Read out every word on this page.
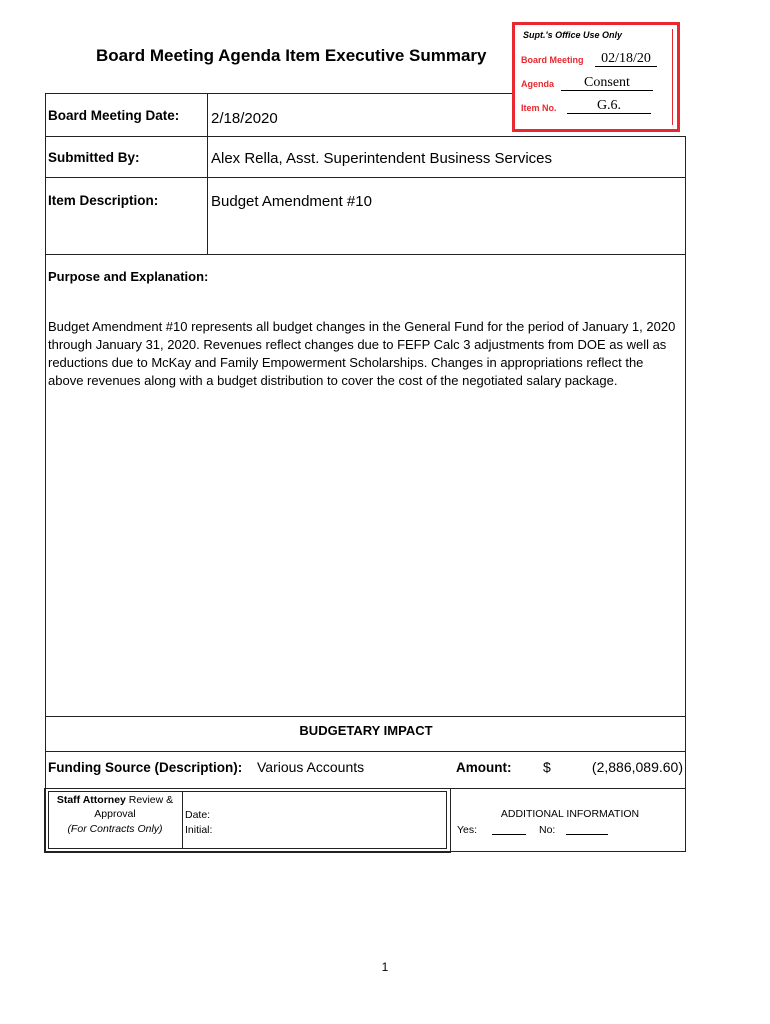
Supt.'s Office Use Only
Board Meeting	02/18/20
Agenda	Consent
Item No.	G.6.
Board Meeting Agenda Item Executive Summary
Board Meeting Date: 2/18/2020
Submitted By:	Alex Rella, Asst. Superintendent Business Services
Item Description:	Budget Amendment #10
Purpose and Explanation:
Budget Amendment #10 represents all budget changes in the General Fund for the period of January 1, 2020 through January 31, 2020. Revenues reflect changes due to FEFP Calc 3 adjustments from DOE as well as reductions due to McKay and Family Empowerment Scholarships. Changes in appropriations reflect the above revenues along with a budget distribution to cover the cost of the negotiated salary package.
BUDGETARY IMPACT
Funding Source (Description): Various Accounts	Amount: $	(2,886,089.60)
Staff Attorney Review &
Approval
(For Contracts Only)
Date:
Initial:
ADDITIONAL INFORMATION
Yes:	No:
1
